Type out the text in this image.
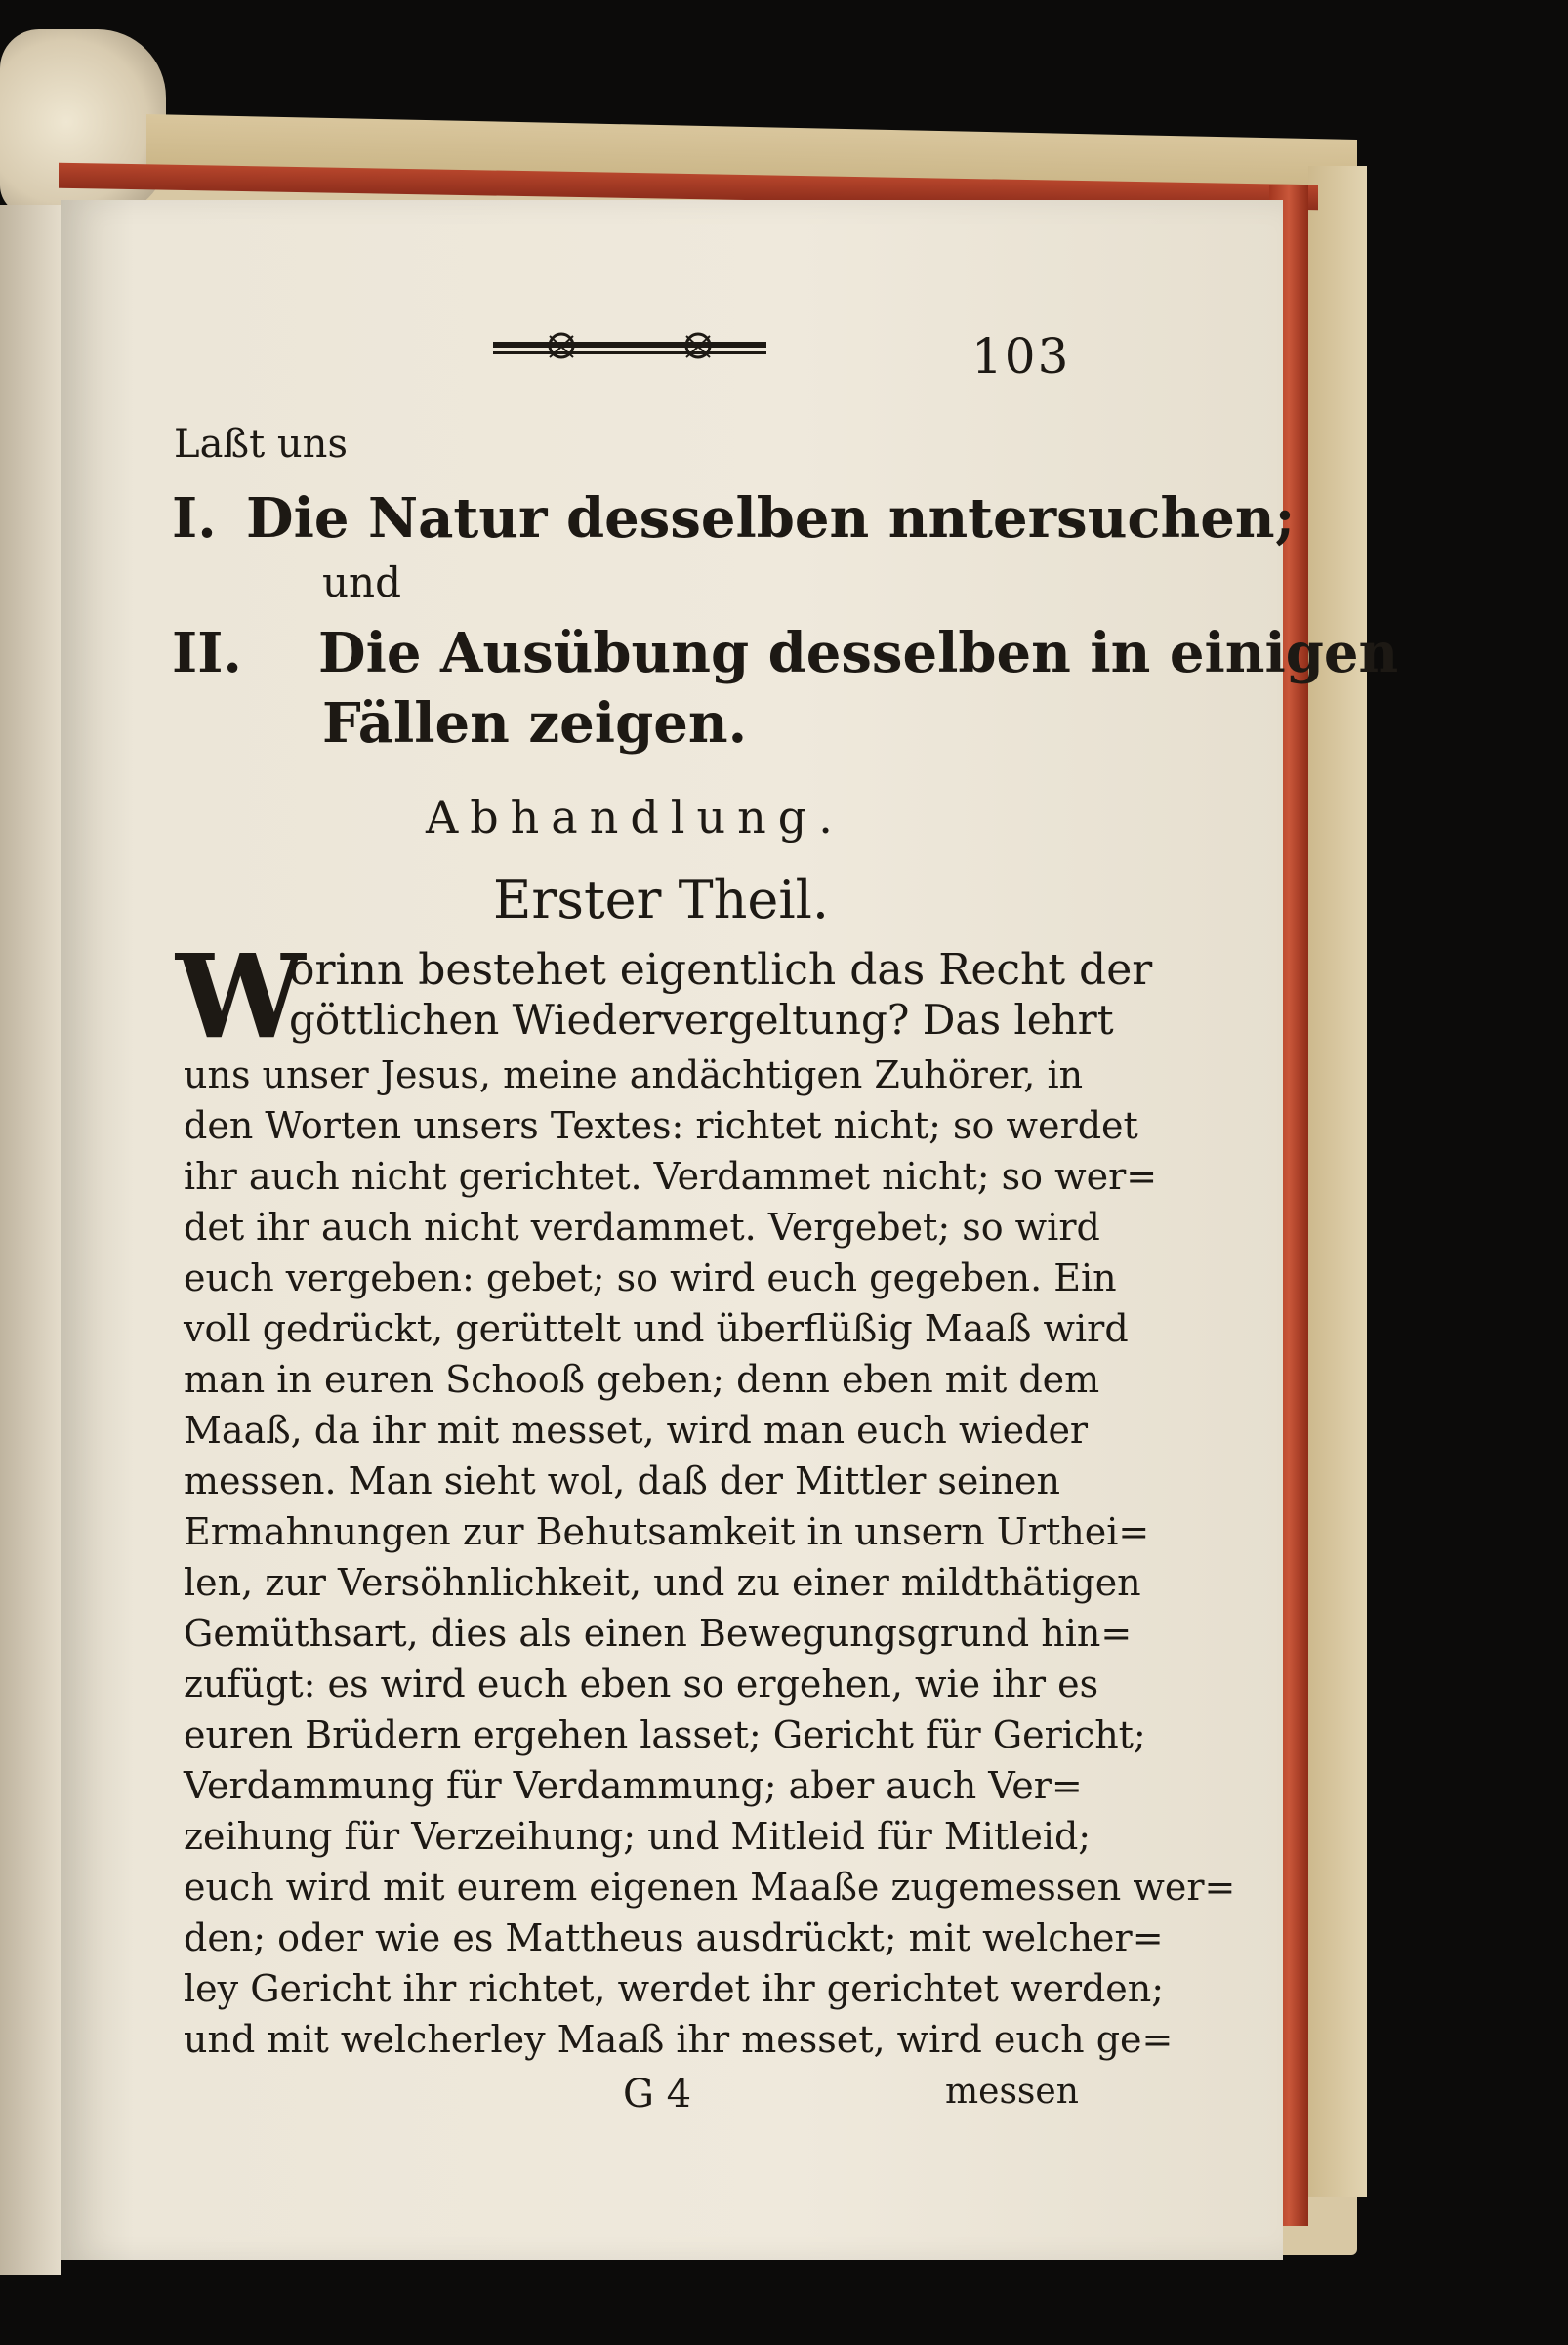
103
Laßt uns
I. Die Natur desselben nntersuchen;
und
II. Die Ausübung desselben in einigen
Fällen zeigen.
Abhandlung.
Erster Theil.
W
orinn bestehet eigentlich das Recht der
göttlichen Wiedervergeltung? Das lehrt
uns unser Jesus, meine andächtigen Zuhörer, in
den Worten unsers Textes: richtet nicht; so werdet
ihr auch nicht gerichtet. Verdammet nicht; so wer=
det ihr auch nicht verdammet. Vergebet; so wird
euch vergeben: gebet; so wird euch gegeben. Ein
voll gedrückt, gerüttelt und überflüßig Maaß wird
man in euren Schooß geben; denn eben mit dem
Maaß, da ihr mit messet, wird man euch wieder
messen. Man sieht wol, daß der Mittler seinen
Ermahnungen zur Behutsamkeit in unsern Urthei=
len, zur Versöhnlichkeit, und zu einer mildthätigen
Gemüthsart, dies als einen Bewegungsgrund hin=
zufügt: es wird euch eben so ergehen, wie ihr es
euren Brüdern ergehen lasset; Gericht für Gericht;
Verdammung für Verdammung; aber auch Ver=
zeihung für Verzeihung; und Mitleid für Mitleid;
euch wird mit eurem eigenen Maaße zugemessen wer=
den; oder wie es Mattheus ausdrückt; mit welcher=
ley Gericht ihr richtet, werdet ihr gerichtet werden;
und mit welcherley Maaß ihr messet, wird euch ge=
G 4	messen
